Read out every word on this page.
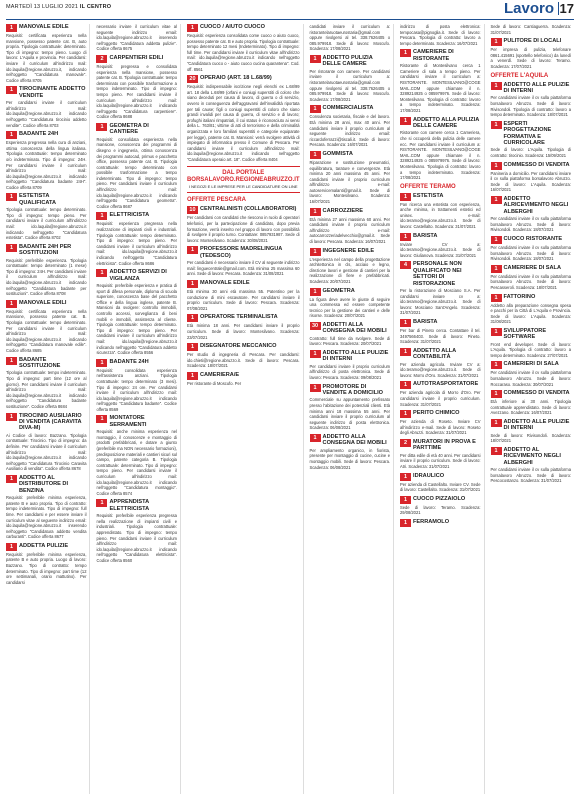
MARTEDÌ 13 LUGLIO 2021 IL CENTRO	Lavoro 17
1	MANOVALE EDILE
Requisiti: certificata esperienza nella mansione, possesso patente cat. B, auto propria. Tipologia contrattuale: determinato. Tipo di impegno: tempo pieno. Luogo di lavoro: L'Aquila e provincia. Per candidarsi: inviare il curriculum all'indirizzo mail: ido.laquila@regione.abruzzo.it, indicando nell'oggetto "Candidatura manovale". Codice offerta 8705
1	TIROCINANTE ADDETTO VENDITE
Per candidarsi inviare il curriculum all'indirizzo mail: ido.laquila@regione.abruzzo.it indicando nell'oggetto "Candidatura tirocinio addetto vendite". Codice offerta 8703
1	BADANTE 24H
Esperienza pregressa nella cura di anziani, ottima conoscenza della lingua italiana. Tipologia contrattuale: tempo determinato o/o indeterminato. Tipo di impegno: 24H. Per candidarsi inviare il curriculum all'indirizzo mail: ido.laquila@regione.abruzzo.it indicando nell'oggetto "Candidatura badante 24H". Codice offerta 8709
1	ESTETISTA QUALIFICATA
Tipologia contrattuale: tempo determinato. Tipo di impegno: tempo pieno. Per candidarsi inviare il curriculum all'indirizzo mail: ido.laquila@regione.abruzzo.it indicando nell'oggetto "Candidatura estetista". Codice offerta 8702
1	BADANTE 24H PER SOSTITUZIONI
Requisiti: preferibile esperienza. Tipologia contrattuale: tempo determinato (1 mese) Tipo di impegno: 24H. Per candidarsi inviare il curriculum all'indirizzo mail: ido.laquila@regione.abruzzo.it indicando nell'oggetto "Candidatura badante per sostituzioni". Codice offerta 8708
1	MANOVALE EDILI
Requisiti: certificata esperienza nella mansione, possesso patente cat. B. Tipologia contrattuale: tempo determinato. Per candidarsi inviare il curriculum all'indirizzo mail: ido.laquila@regione.abruzzo.it indicando nell'oggetto "Candidatura manovale edile". Codice offerta 8685
1	BADANTE SOSTITUZIONE
Tipologia contrattuale: tempo indeterminato. Tipo di impegno: part time (12 ore al giorno). Per candidarsi inviare il curriculum all'indirizzo mail: ido.laquila@regione.abruzzo.it indicando nell'oggetto "Candidatura badante sostituzione". Codice offerta 8684
1	TIROCINIO AUSILIARIO DI VENDITA (CARAVITA DIVA-M)
Ai Codice di lavoro: Bazzano. Tipologia contrattuale: Tirocinio. Tipo di impegno: da definire. Per candidarsi inviare il curriculum all'indirizzo mail: ido.laquila@regione.abruzzo.it indicando nell'oggetto "Candidatura Tirocinio Caravita Ausiliario di vendita". Codice offerta 8678
1	ADDETTO AL DISTRIBUTORE DI BENZINA
Requisiti: preferibile minima esperienza, patente B e auto propria. Tipo di contratto: tempo indeterminato. Tipo di impegno: full time. Per candidarsi e per essere inviare il curriculum vitae al seguente indirizzo email: ido.laquila@regione.abruzzo.it inserendo nell'oggetto "Candidatura addetto vendita carburanti". Codice offerta 8677
1	ADDETTA PULIZIE
Requisiti: preferibile minima esperienza, patente B e auto propria. Luogo di lavoro: Bazzano. Tipo di contratto: tempo determinato. Tipo di impegno: part time (12 ore settimanali, orario mattutino). Per candidarsi
necessario inviare il curriculum vitae al seguente indirizzo email: ido.laquila@regione.abruzzo.it inserendo nell'oggetto "Candidatura addetta pulizie". Codice offerta 8675
2	CARPENTIERI EDILI
Requisiti: pregressa e consolidata esperienza nella mansione, possesso patente cat. B. Tipologia contrattuale: tempo determinato con possibile trasformazione a tempo indeterminato. Tipo di impegno: tempo pieno. Per candidarsi inviare il curriculum all'indirizzo mail: ido.laquila@regione.abruzzo.it indicando nell'oggetto "Candidatura carpentiere". Codice offerta 8688
1	GEOMETRA DI CANTIERE
Requisiti: consolidata esperienza nella mansione, conoscenza dei programmi di disegno e ingegneria, ottima conoscenza dei programmi autocad, primus e pacchetto office, possesso patente cat. B. Tipologia contrattuale: tempo determinato con possibile trasformazione a tempo indeterminato. Tipo di impegno: tempo pieno. Per candidarsi inviare il curriculum all'indirizzo mail: ido.laquila@regione.abruzzo.it indicando nell'oggetto "Candidatura geometra". Codice offerta 8687
1	ELETTRICISTA
Requisiti: esperienza pregressa nella realizzazione di impianti civili e industriali. Tipologia contrattuale: tempo determinato. Tipo di impegno: tempo pieno. Per candidarsi inviare il curriculum all'indirizzo mail: ido.laquila@regione.abruzzo.it indicando nell'oggetto "Candidatura elettricista". Codice offerta 8686
1	ADDETTO SERVIZI DI VIGILANZA
Requisiti: preferibile esperienza e pratica di sport di difesa personale, diploma di scuola superiore, conoscenza base del pacchetto Office e della lingua inglese, patente B. Mansioni da svolgere: controllo immobili, controllo accessi, sorveglianza di beni mobili e immobili, assistenza al cliente. Tipologia contrattuale: tempo determinato. Tipo di impegno: tempo pieno. Per candidarsi inviare il curriculum all'indirizzo mail: ido.laquila@regione.abruzzo.it indicando nell'oggetto "Candidatura addetto sicurezza". Codice offerta 8556
1	BADANTE 24H
Requisiti: consolidata esperienza nell'assistenza anziani. Tipologia contrattuale: tempo determinato (3 mesi). Tipo di impegno: 24 ore. Per candidarsi inviare il curriculum all'indirizzo mail: ido.laquila@regione.abruzzo.it indicando nell'oggetto "Candidatura badante". Codice offerta 8569
1	MONTATORE SERRAMENTI
Requisiti: anche minima esperienza nel montaggio, il conoscenze e montaggio di prodotti prefabbricati, e dotare a giunto (preferibile ma NON necessario formazioni), predisposizione materiali e cantieri sicuri sul campo, patente categoria B. Tipologia contrattuale: determinato. Tipo di impegno: tempo pieno. Per candidarsi inviare il curriculum all'indirizzo mail: ido.laquila@regione.abruzzo.it indicando nell'oggetto "Candidatura montaggio". Codice offerta 8574
1	APPRENDISTA ELETTRICISTA
Requisiti: preferibile esperienza pregressa nella realizzazione di impianti civili e industriali. Tipologia contrattuale: apprendistato. Tipo di impegno: tempo pieno. Per candidarsi inviare il curriculum all'indirizzo mail: ido.laquila@regione.abruzzo.it indicando nell'oggetto "Candidatura elettricista". Codice offerta 8560
1	CUOCO / AIUTO CUOCO
Requisiti: esperienza consolidata come cuoco o aiuto cuoco, possesso patente cat. B e auto propria. Tipologia contrattuale: tempo determinato 12 mesi (Indeterminato). Tipo di impegno: full time. Per candidarsi inviare il curriculum vitae all'indirizzo mail: ido.laquila@regione.abruzzo.it indicando nell'oggetto "Candidatura cuoco o - aiuto cuoco cucina quarantena". Cod. off. 8561
20 OPERAIO (ART. 18 L.68/99)
Requisiti: indispensabile iscrizione negli elenchi ex L.68/99 art. 18 della L.68/99 (orfani e coniugi superstiti di coloro che siano deceduti per causa di lavoro, di guerra o di servizio, ovvero in conseguenza dell'aggravarsi dell'invalidità riportata per tali cause; figli o coniugi superstiti di coloro che siano grandi invalidi per causa di guerra, di servizio e di lavoro; profughi italiani rimpatriati, il cui status è riconosciuto ai sensi della L. 763/81; vittime di atti di terrorismo e della criminalità organizzata e loro familiari superstiti e categorie equiparate per legge), patente cat. B. Mansioni: verrà svolgere attività di impiegato di informatica presso il Comune di Pescara. Per candidarsi inviare il curriculum all'indirizzo mail: ido.laquila@regione.abruzzo.it indicando nell'oggetto "Candidatura operaio art. 18". Codice offerta 8404
DAL PORTALE BORSALAVORO.REGIONEABRUZZO.IT
I NEGOZI E LE IMPRESE PER LE CANDIDATURE ON LINE
OFFERTE PESCARA
10 CENTRALINISTI (COLLABORATORI)
Per candidarsi con candidati che riescono in ruolo di operatori telefonici, per la partecipazione di candidato, dopo previa formazione, verrà inserito nel gruppo di lavoro con possibilità di svolgere il proprio turno. Contattare: 0857931987. Sede di lavoro: Montesilvano. Scadenza: 30/08/2021
1	PROFESSORE MADRELINGUA (TEDESCO)
Per candidarsi è necessario inviare il CV al seguente indirizzo mail: linguecentrale@gmail.com. Età minima 25 massima 60 anni. Sede di lavoro: Pescara. Scadenza: 31/08/2021
1	MANOVALE EDILE
Età minima 30 anni età massima 55. Patentino per la conduzione di mini escavatore. Per candidarsi inviare il proprio curriculum. Sede di lavoro: Pescara. Scadenza: 07/08/2021
1	OPERATORE TERMINALISTA
Età minima 18 anni. Per candidarsi inviare il proprio curriculum. Sede di lavoro: Montesilvano. Scadenza: 23/07/2021
1	DISEGNATORE MECCANICO
Per studio di ingegneria di Pescara. Per candidarsi: ido.chieti@regione.abruzzo.it. Sede di lavoro: Pescara. Scadenza: 18/07/2021
1	CAMERIERA/E
Per ristorante di Moscufo. Per
candidati inviare il curriculum a: ristorantelaruotaeurostaria@gmail.com oppure rivolgersi al tel. 338.7626405 o 085.979918. Sede di lavoro: Moscufo. Scadenza: 17/08/2021
1	ADDETTO PULIZIA DELLE CAMERE
Per ristorante con camere. Per candidarsi inviare il curriculum a: ristorantelaruotaeurostaria@gmail.com oppure rivolgersi al tel. 338.7626405 o 085.979918. Sede di lavoro: Moscufo. Scadenza: 17/08/2021
1	COMMERCIALISTA
Consulenza societaria, fiscale e del lavoro. Età minima 28 anni, max 40 anni. Per candidarsi inviare il proprio curriculum al seguente indirizzo email: riccardoferrazzi@tiscali.it. Sede di lavoro: Pescara. Scadenza: 16/07/2021
1	GOMMISTA
Riparazione e sostituzione pneumatici, equilibratura, tarature e convergenze. Età minima 20 anni massima 45 anni. Per candidarsi inviare il proprio curriculum all'indirizzo e-mail: autoservicemalanti@gmail.it. Sede di lavoro: Montesilvano. Scadenza: 16/07/2021
1	CARROZZIERE
Età minima 27 anni massima 60 anni. Per candidarsi inviare il proprio curriculum all'indirizzo e-mail: autocarrozzeriadelvecchio@gmail.it. Sede di lavoro: Pescara. Scadenza: 16/07/2021
1	INGEGNERE EDILE
L'esperienza nel campo della progettazione architettonica in cls, acciaio e legno, direzione lavori e gestione di cantieri per la realizzazione di fiere e prefabbricati. Scadenza: 20/07/2021
1	GEOMETRA
La figura deve avere le giuste di seguire una commessa ed essere competente tecnico per la gestione dei cantieri e delle risorse. Scadenza: 20/07/2021
30 ADDETTI ALLA CONSEGNA DEI MOBILI
Contratto: full time da svolgere. Sede di lavoro: Pescara. Scadenza: 20/07/2021
1	ADDETTO ALLE PULIZIE DI INTERNI
Per candidarsi inviare il proprio curriculum all'indirizzo di posta elettronica. Sede di lavoro: Pescara. Scadenza: 09/08/2021
1	PROMOTORE DI VENDITE A DOMICILIO
Commerciale su appuntamento prefissato presso l'abitazione dei potenziali clienti. Età minima anni 18 massima 55 anni. Per candidarsi inviare il proprio curriculum al seguente indirizzo di posta elettronica. Scadenza: 06/08/2021
1	ADDETTO ALLA CONSEGNA DEI MOBILI
Per ampliamento organico, in fiorista, presente per montaggio di cucine, cucine e montaggio mobili. Sede di lavoro: Pescara. Scadenza: 06/08/2021
indirizzo di posta elettronica: tempocasa@pignoglia.it. Sede di lavoro: Pescara. Tipologia di contratto: lavoro a tempo determinato. Scadenza: 16/07/2021
1	CAMERIERE DI RISTORANTE
Ristorante di Montesilvano cerca 1 Cameriere di sala a tempo pieno. Per candidarsi inviare il curriculum a: RISTORANTE. MONTESILVANO@COGE MAIL.COM oppure chiamare il n. 3289214925 o 085979976. Sede di lavoro: Montesilvano. Tipologia di contratto: lavoro a tempo indeterminato. Scadenza: 17/08/2021
1	ADDETTO ALLA PULIZIA DELLE CAMERE
Ristorante con camere cerca 1 Cameriera, che si occuperà della pulizia delle camere ecc. Per candidarsi inviare il curriculum a: RISTORANTE. MONTESILVANO@COGE MAIL.COM oppure chiamare il n. 3289214925 o 085979976. Sede di lavoro: Montesilvano. Tipologia di contratto: lavoro a tempo indeterminato. Scadenza: 17/08/2021
OFFERTE TERAMO
1	ESTETISTA
Pan ricerca una estetista con esperienza, anche minima, in trattamenti estetici ed unisex. e-mail: ido.teramo@regione.abruzzo.it. Sede di lavoro: Castellalto. Scadenza: 31/07/2021
1	BARISTA
Inviare CV a: ido.teramo@regione.abruzzo.it. Sede di lavoro: Giulianova. Scadenza: 31/07/2021
4	PERSONALE NON QUALIFICATO NEI SETTORI DI RISTORAZIONE
Per la ristorazione di Mosciano S.A. Per candidarsi inviare cv a: ido.teramo@regione.abruzzo.it. Sede di lavoro: Mosciano Sant'Angelo. Scadenza: 31/07/2021
1	BARISTA
Per bar di Pineto cerca. Contattare il tel. 3497566403. Sede di lavoro: Pineto. Scadenza: 31/07/2021
1	ADDETTO ALLA CONTABILITÀ
Per azienda agricola. Inviare CV a: ido.teramo@regione.abruzzo.it. Sede di lavoro: Morro d'Oro. Scadenza: 31/07/2021
1	AUTOTRASPORTATORE
Per azienda agricola di Morro d'Oro. Per candidarsi inviare il proprio curriculum. Scadenza: 31/07/2021
1	PERITO CHIMICO
Per azienda di Roseto. Inviare CV all'indirizzo e-mail. Sede di lavoro: Roseto degli Abruzzi. Scadenza: 31/07/2021
2	MURATORI IN PROVA E PARTTIME
Per ditta edile di età 40 anni. Per candidarsi inviare il proprio curriculum. Sede di lavoro: Atri. Scadenza: 31/07/2021
1	IDRAULICO
Per azienda di Castellalto. Inviare CV. Sede di lavoro: Castellalto. Scadenza: 31/07/2021
1	CUOCO PIZZAIOLO
Sede di lavoro: Teramo. Scadenza: 29/08/2021
1	FERRAMOLO
Sede di lavoro: Cantiaguerra. Scadenza: 31/07/2021
1	PULITORE DI LOCALI
Per impresa di pulizia, telefonare 0861.415691 (sportello telefonico) da lunedì a venerdì. Sede di lavoro: Teramo. Scadenza: 17/07/2021
OFFERTE L'AQUILA
1	ADDETTO ALLE PULIZIE DI INTERNI
Per candidarsi inviare il cv sulla piattaforma borsalavoro Abruzzo. Sede di lavoro: Rivisondoli. Tipologia di contratto: lavoro a tempo determinato. Scadenza: 18/07/2021
1	ESPERTI PROGETTAZIONE FORMATIVA E CURRICOLARE
Sede di lavoro: L'Aquila. Tipologia di contratto: tirocinio. Scadenza: 15/09/2021
1	COMMESSO DI VENDITA
Panineria a domicilio. Per candidarsi inviare il cv sulla piattaforma borsalavoro Abruzzo. Sede di lavoro: L'Aquila. Scadenza: 16/07/2021
1	ADDETTO ALRICEVIMENTO NEGLI ALBERGHI
Per candidarsi inviare il cv sulla piattaforma borsalavoro Abruzzo. Sede di lavoro: Rivisondoli. Scadenza: 18/07/2021
1	CUOCO RISTORANTE
Per candidarsi inviare il cv sulla piattaforma borsalavoro Abruzzo. Sede di lavoro: Rivisondoli. Scadenza: 18/07/2021
1	CAMERIERE DI SALA
Per candidarsi inviare il cv sulla piattaforma borsalavoro Abruzzo. Sede di lavoro: Pescasseroli. Scadenza: 18/07/2021
1	FATTORINO
Addetto alla preparazione consegna spesa e pacchi per la Città di L'Aquila e Provincia. Sede di lavoro: L'Aquila. Scadenza: 31/08/2021
1	SVILUPPATORE SOFTWARE
Front end developer. Sede di lavoro: L'Aquila. Tipologia di contratto: lavoro a tempo determinato. Scadenza: 27/07/2021
1	CAMERIERI DI SALA
Per candidarsi inviare il cv sulla piattaforma borsalavoro Abruzzo. Sede di lavoro: Roccaraso. Scadenza: 30/07/2021
1	COMMESSO DI VENDITA
Età inferiore ai 30 anni. Tipologia contrattuale apprendistato. Sede di lavoro: Avezzano. Scadenza: 16/07/2021
1	ADDETTO ALLE PULIZIE DI INTERNI
Sede di lavoro: Rivisondoli. Scadenza: 18/07/2021
1	ADDETTO AL RICEVIMENTO NEGLI ALBERGHI
Per candidarsi inviare il cv sulla piattaforma borsalavoro Abruzzo. Sede di lavoro: Pescocostanzo. Scadenza: 31/07/2021
